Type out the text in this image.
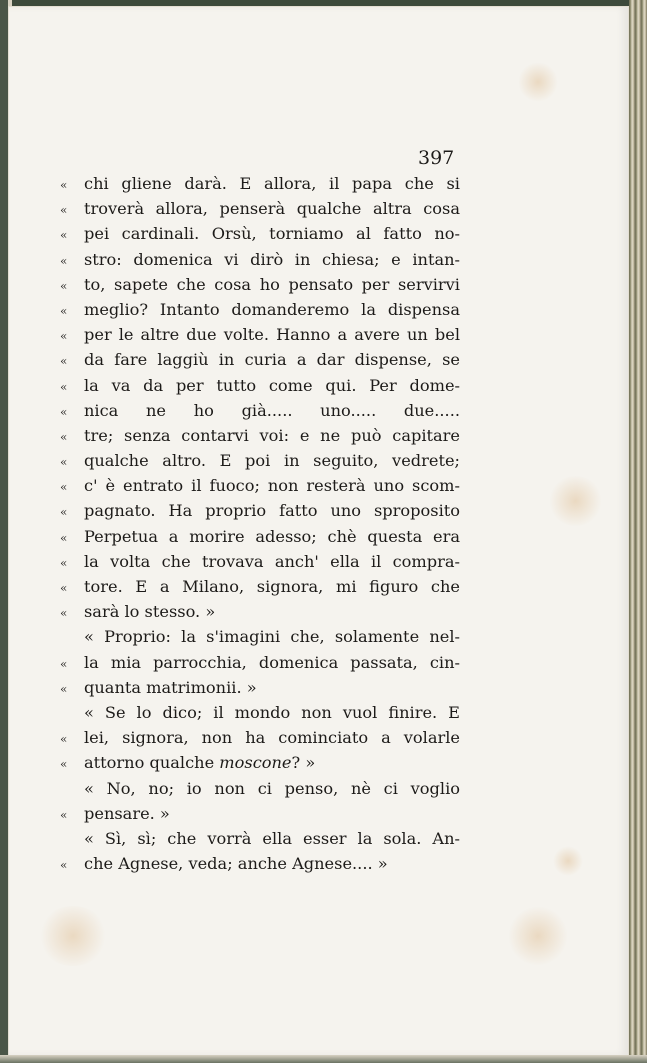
397
«	chi gliene darà. E allora, il papa che si
«	troverà allora, penserà qualche altra cosa
«	pei cardinali. Orsù, torniamo al fatto no-
«	stro: domenica vi dirò in chiesa; e intan-
«	to, sapete che cosa ho pensato per servirvi
«	meglio? Intanto domanderemo la dispensa
«	per le altre due volte. Hanno a avere un bel
«	da fare laggiù in curia a dar dispense, se
«	la va da per tutto come qui. Per dome-
«	nica ne ho già..... uno..... due.....
«	tre; senza contarvi voi: e ne può capitare
«	qualche altro. E poi in seguito, vedrete;
«	c' è entrato il fuoco; non resterà uno scom-
«	pagnato. Ha proprio fatto uno sproposito
«	Perpetua a morire adesso; chè questa era
«	la volta che trovava anch' ella il compra-
«	tore. E a Milano, signora, mi figuro che
«	sarà lo stesso. »
« Proprio: la s'imagini che, solamente nel-
«	la mia parrocchia, domenica passata, cin-
«	quanta matrimonii. »
« Se lo dico; il mondo non vuol finire. E
«	lei, signora, non ha cominciato a volarle
«	attorno qualche moscone? »
« No, no; io non ci penso, nè ci voglio
«	pensare. »
« Sì, sì; che vorrà ella esser la sola. An-
«	che Agnese, veda; anche Agnese.... »
